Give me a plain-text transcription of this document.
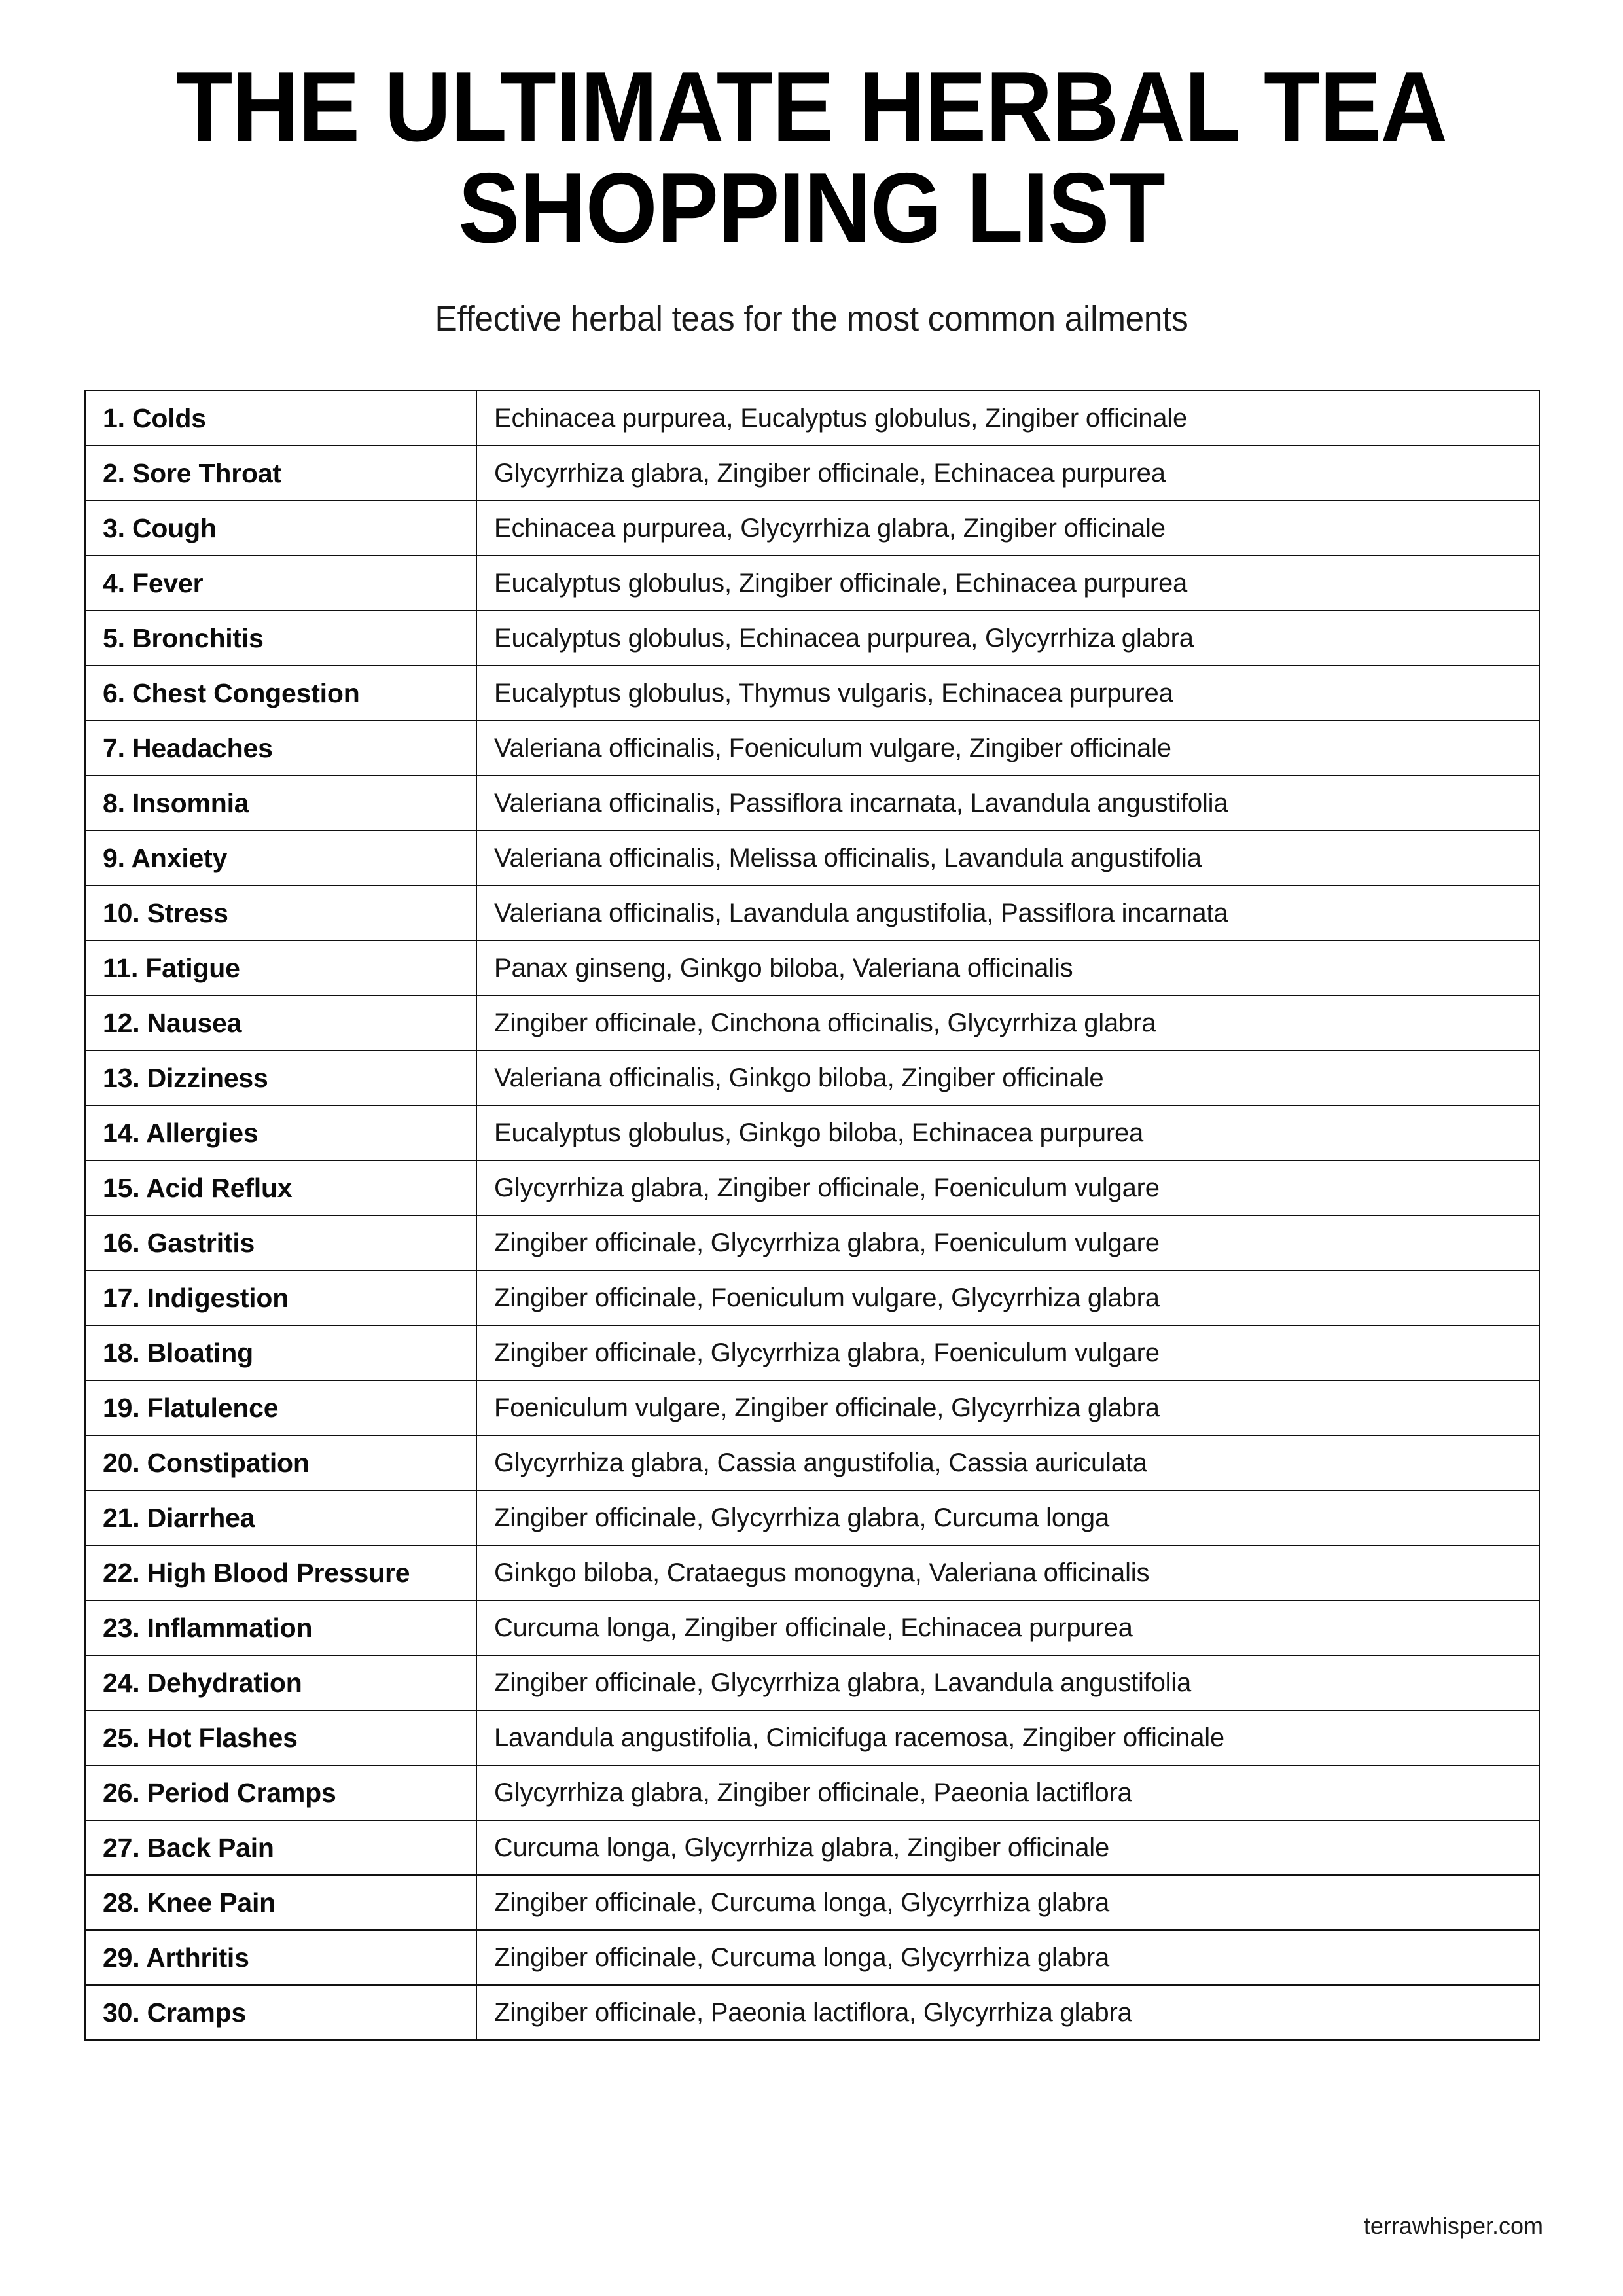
THE ULTIMATE HERBAL TEA SHOPPING LIST
Effective herbal teas for the most common ailments
1. Colds	Echinacea purpurea, Eucalyptus globulus, Zingiber officinale
2. Sore Throat	Glycyrrhiza glabra, Zingiber officinale, Echinacea purpurea
3. Cough	Echinacea purpurea, Glycyrrhiza glabra, Zingiber officinale
4. Fever	Eucalyptus globulus, Zingiber officinale, Echinacea purpurea
5. Bronchitis	Eucalyptus globulus, Echinacea purpurea, Glycyrrhiza glabra
6. Chest Congestion	Eucalyptus globulus, Thymus vulgaris, Echinacea purpurea
7. Headaches	Valeriana officinalis, Foeniculum vulgare, Zingiber officinale
8. Insomnia	Valeriana officinalis, Passiflora incarnata, Lavandula angustifolia
9. Anxiety	Valeriana officinalis, Melissa officinalis, Lavandula angustifolia
10. Stress	Valeriana officinalis, Lavandula angustifolia, Passiflora incarnata
11. Fatigue	Panax ginseng, Ginkgo biloba, Valeriana officinalis
12. Nausea	Zingiber officinale, Cinchona officinalis, Glycyrrhiza glabra
13. Dizziness	Valeriana officinalis, Ginkgo biloba, Zingiber officinale
14. Allergies	Eucalyptus globulus, Ginkgo biloba, Echinacea purpurea
15. Acid Reflux	Glycyrrhiza glabra, Zingiber officinale, Foeniculum vulgare
16. Gastritis	Zingiber officinale, Glycyrrhiza glabra, Foeniculum vulgare
17. Indigestion	Zingiber officinale, Foeniculum vulgare, Glycyrrhiza glabra
18. Bloating	Zingiber officinale, Glycyrrhiza glabra, Foeniculum vulgare
19. Flatulence	Foeniculum vulgare, Zingiber officinale, Glycyrrhiza glabra
20. Constipation	Glycyrrhiza glabra, Cassia angustifolia, Cassia auriculata
21. Diarrhea	Zingiber officinale, Glycyrrhiza glabra, Curcuma longa
22. High Blood Pressure	Ginkgo biloba, Crataegus monogyna, Valeriana officinalis
23. Inflammation	Curcuma longa, Zingiber officinale, Echinacea purpurea
24. Dehydration	Zingiber officinale, Glycyrrhiza glabra, Lavandula angustifolia
25. Hot Flashes	Lavandula angustifolia, Cimicifuga racemosa, Zingiber officinale
26. Period Cramps	Glycyrrhiza glabra, Zingiber officinale, Paeonia lactiflora
27. Back Pain	Curcuma longa, Glycyrrhiza glabra, Zingiber officinale
28. Knee Pain	Zingiber officinale, Curcuma longa, Glycyrrhiza glabra
29. Arthritis	Zingiber officinale, Curcuma longa, Glycyrrhiza glabra
30. Cramps	Zingiber officinale, Paeonia lactiflora, Glycyrrhiza glabra
terrawhisper.com
